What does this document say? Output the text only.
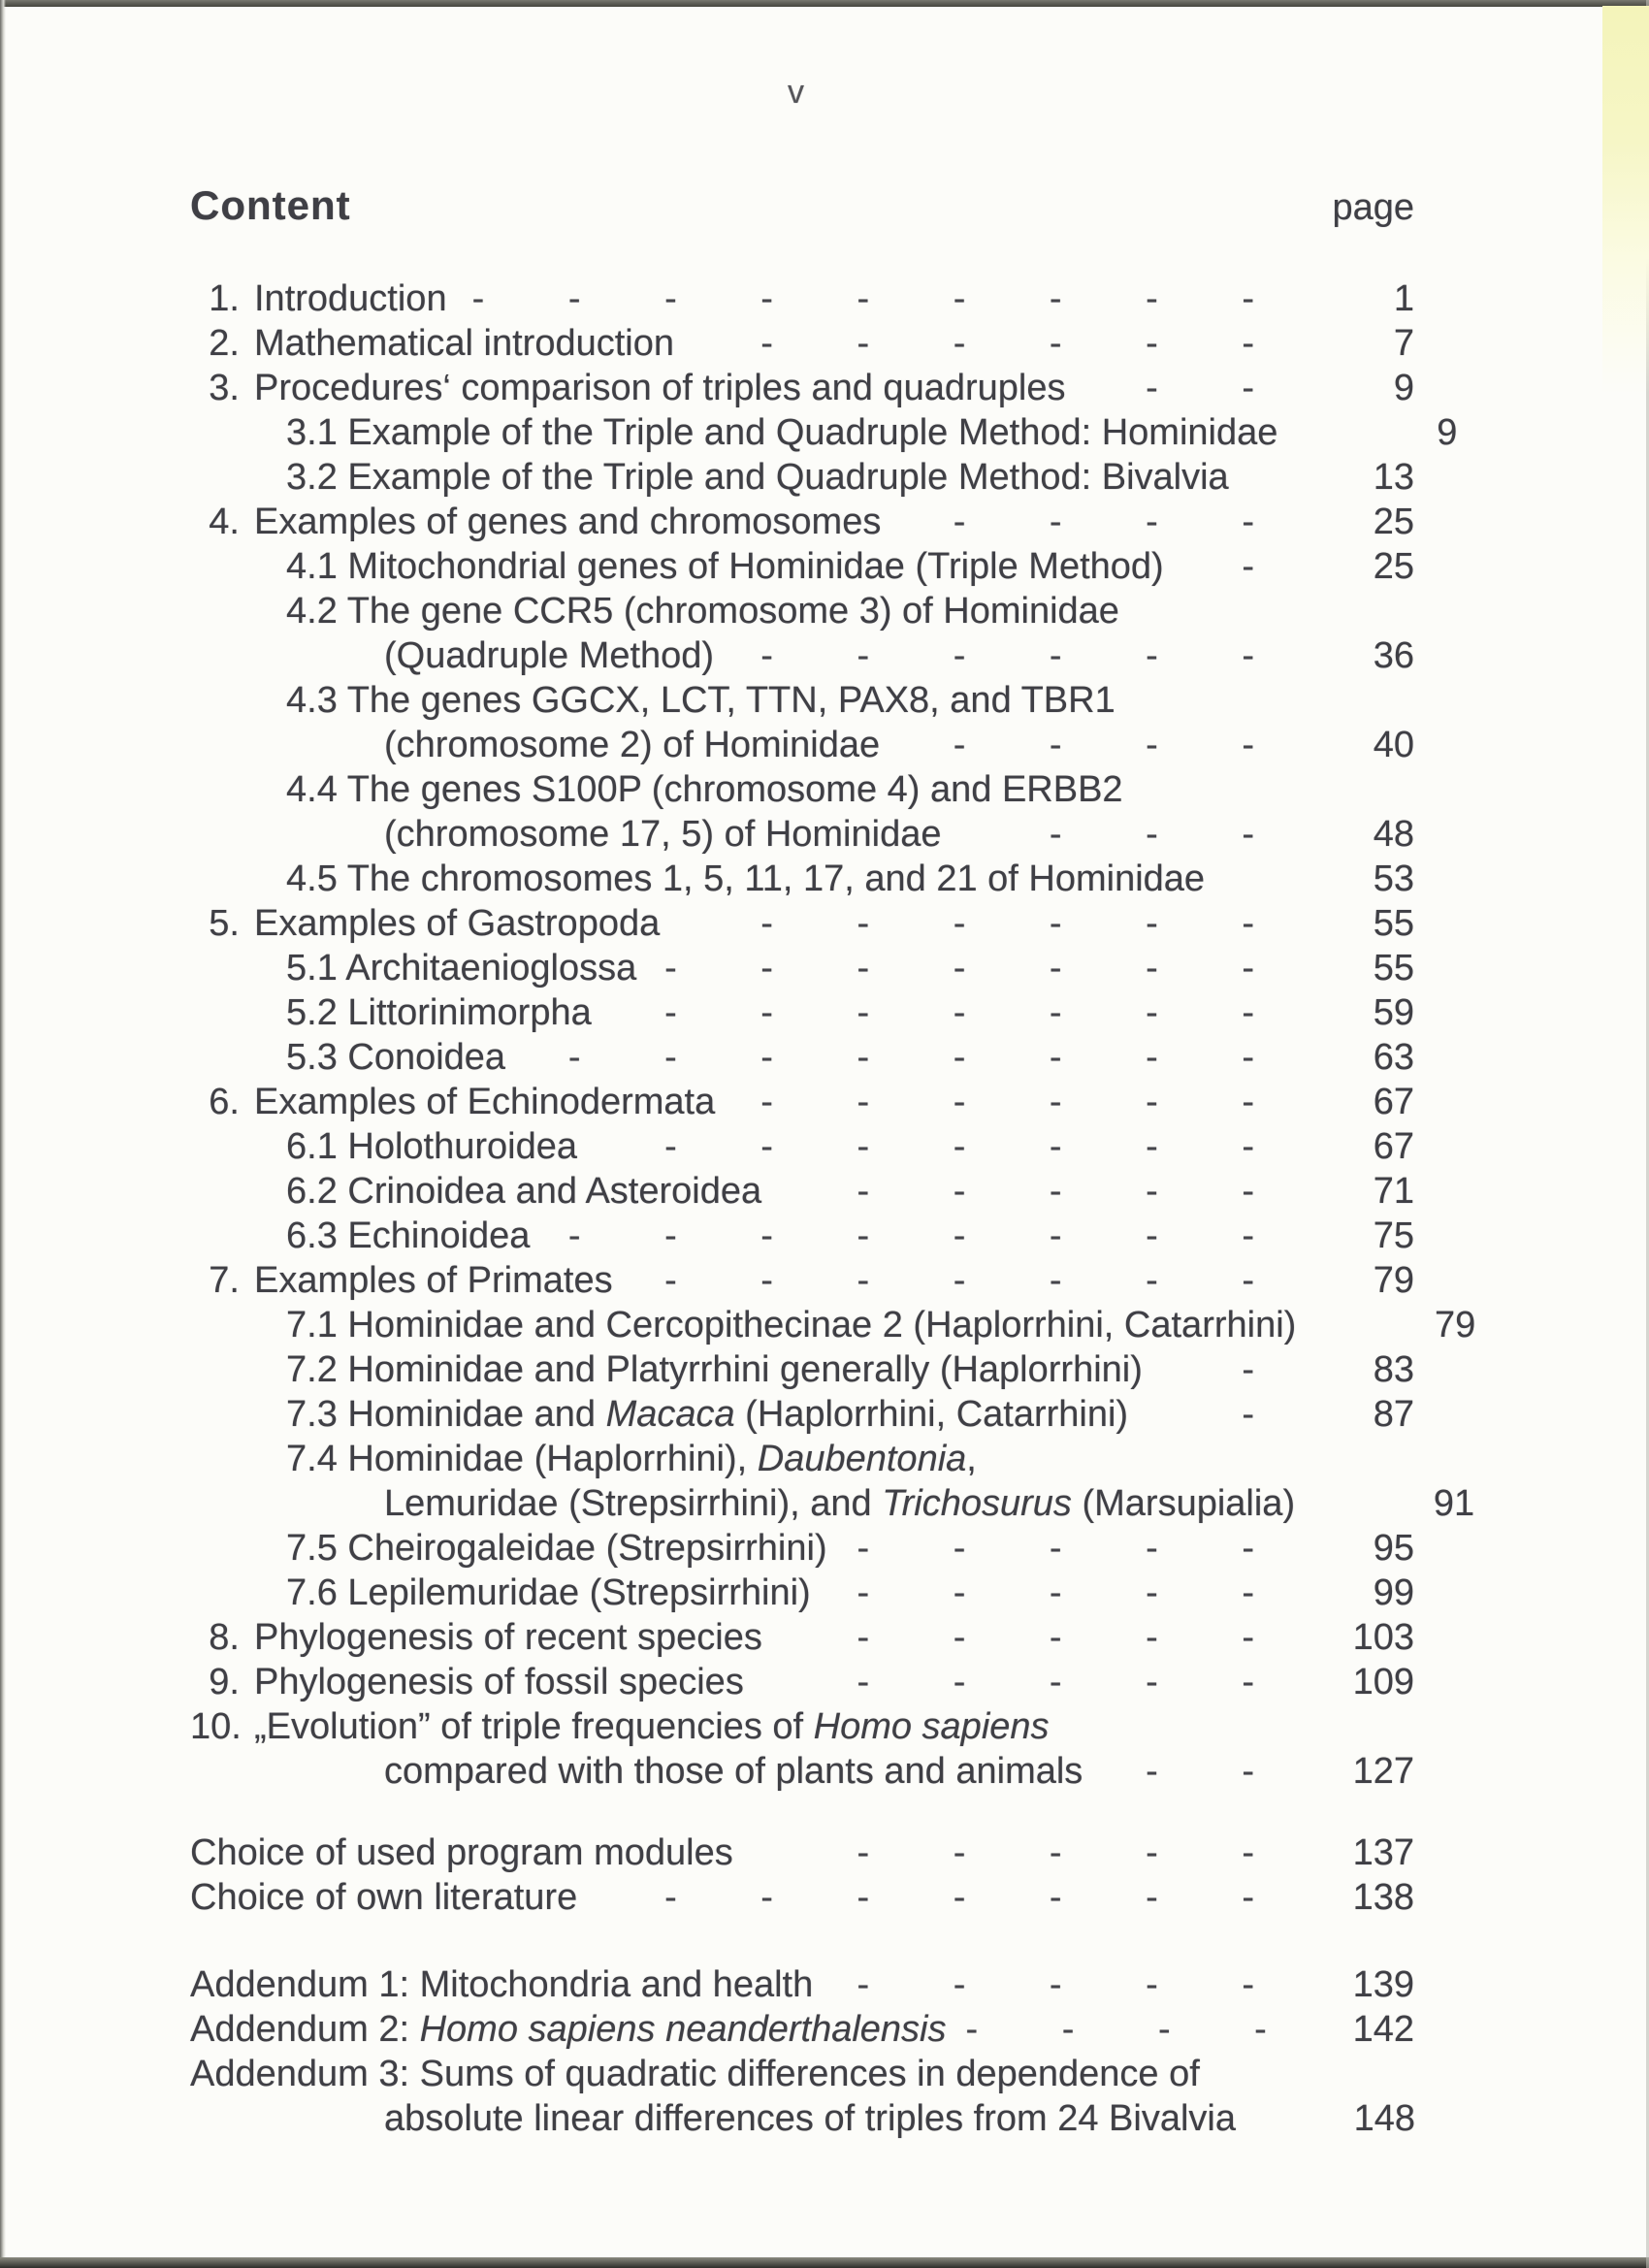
v
Content	page
1. Introduction - - - - - - - - -	1
2. Mathematical introduction	- - - - - -	7
3. Procedures‘ comparison of triples and quadruples	- -	9
3.1 Example of the Triple and Quadruple Method: Hominidae	9
3.2 Example of the Triple and Quadruple Method: Bivalvia	13
4. Examples of genes and chromosomes	- - - -	25
4.1 Mitochondrial genes of Hominidae (Triple Method)	-	25
4.2 The gene CCR5 (chromosome 3) of Hominidae
(Quadruple Method)	- - - - - -	36
4.3 The genes GGCX, LCT, TTN, PAX8, and TBR1
(chromosome 2) of Hominidae	- - - -	40
4.4 The genes S100P (chromosome 4) and ERBB2
(chromosome 17, 5) of Hominidae	- - -	48
4.5 The chromosomes 1, 5, 11, 17, and 21 of Hominidae	53
5. Examples of Gastropoda	- - - - - -	55
5.1 Architaenioglossa - - - - - - -	55
5.2 Littorinimorpha	- - - - - - -	59
5.3 Conoidea	- - - - - - - -	63
6. Examples of Echinodermata	- - - - - -	67
6.1 Holothuroidea	- - - - - - -	67
6.2 Crinoidea and Asteroidea	- - - - -	71
6.3 Echinoidea	- - - - - - - -	75
7. Examples of Primates	- - - - - - -	79
7.1 Hominidae and Cercopithecinae 2 (Haplorrhini, Catarrhini)	79
7.2 Hominidae and Platyrrhini generally (Haplorrhini)	-	83
7.3 Hominidae and Macaca (Haplorrhini, Catarrhini)	-	87
7.4 Hominidae (Haplorrhini), Daubentonia,
Lemuridae (Strepsirrhini), and Trichosurus (Marsupialia)	91
7.5 Cheirogaleidae (Strepsirrhini) - - - - -	95
7.6 Lepilemuridae (Strepsirrhini)	- - - - -	99
8. Phylogenesis of recent species	- - - - -	103
9. Phylogenesis of fossil species	- - - - -	109
10. „Evolution” of triple frequencies of Homo sapiens
compared with those of plants and animals	- -	127
Choice of used program modules	- - - - -	137
Choice of own literature	- - - - - - -	138
Addendum 1: Mitochondria and health	- - - - -	139
Addendum 2: Homo sapiens neanderthalensis - - - -	142
Addendum 3: Sums of quadratic differences in dependence of
absolute linear differences of triples from 24 Bivalvia	148
